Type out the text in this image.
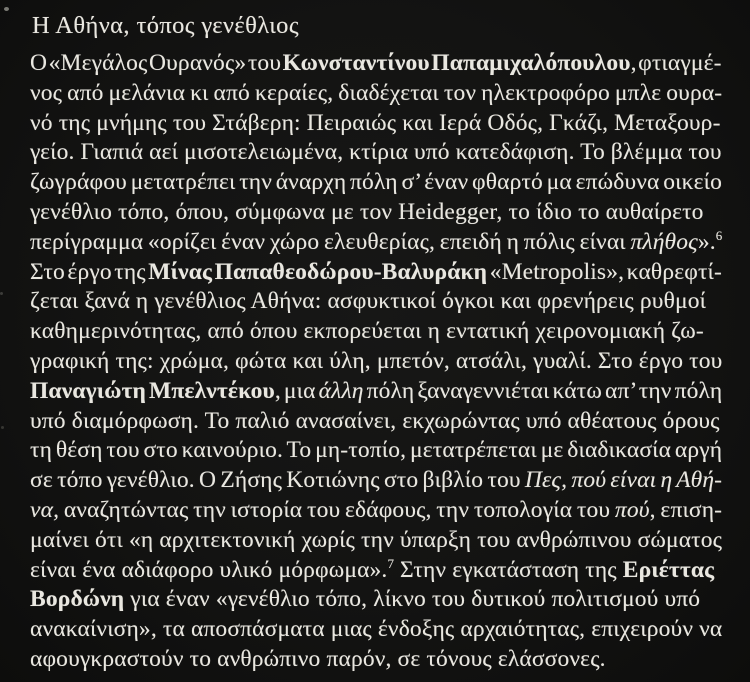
Η Αθήνα, τόπος γενέθλιος
Ο «Μεγάλος Ουρανός» του Κωνσταντίνου Παπαμιχαλόπουλου, φτιαγμέ-
νος από μελάνια κι από κεραίες, διαδέχεται τον ηλεκτροφόρο μπλε ουρα-
νό της μνήμης του Στάβερη: Πειραιώς και Ιερά Οδός, Γκάζι, Μεταξουρ-
γείο. Γιαπιά αεί μισοτελειωμένα, κτίρια υπό κατεδάφιση. Το βλέμμα του
ζωγράφου μετατρέπει την άναρχη πόλη σ’ έναν φθαρτό μα επώδυνα οικείο
γενέθλιο τόπο, όπου, σύμφωνα με τον Heidegger, το ίδιο το αυθαίρετο
περίγραμμα «ορίζει έναν χώρο ελευθερίας, επειδή η πόλις είναι πλήθος».$^6$
Στο έργο της Μίνας Παπαθεοδώρου-Βαλυράκη «Metropolis», καθρεφτί-
ζεται ξανά η γενέθλιος Αθήνα: ασφυκτικοί όγκοι και φρενήρεις ρυθμοί
καθημερινότητας, από όπου εκπορεύεται η εντατική χειρονομιακή ζω-
γραφική της: χρώμα, φώτα και ύλη, μπετόν, ατσάλι, γυαλί. Στο έργο του
Παναγιώτη Μπελντέκου, μια άλλη πόλη ξαναγεννιέται κάτω απ’ την πόλη
υπό διαμόρφωση. Το παλιό ανασαίνει, εκχωρώντας υπό αθέατους όρους
τη θέση του στο καινούριο. Το μη-τοπίο, μετατρέπεται με διαδικασία αργή
σε τόπο γενέθλιο. Ο Ζήσης Κοτιώνης στο βιβλίο του Πες, πού είναι η Αθή-
να, αναζητώντας την ιστορία του εδάφους, την τοπολογία του πού, επιση-
μαίνει ότι «η αρχιτεκτονική χωρίς την ύπαρξη του ανθρώπινου σώματος
είναι ένα αδιάφορο υλικό μόρφωμα».$^7$ Στην εγκατάσταση της Εριέττας
Βορδώνη για έναν «γενέθλιο τόπο, λίκνο του δυτικού πολιτισμού υπό
ανακαίνιση», τα αποσπάσματα μιας ένδοξης αρχαιότητας, επιχειρούν να
αφουγκραστούν το ανθρώπινο παρόν, σε τόνους ελάσσονες.
